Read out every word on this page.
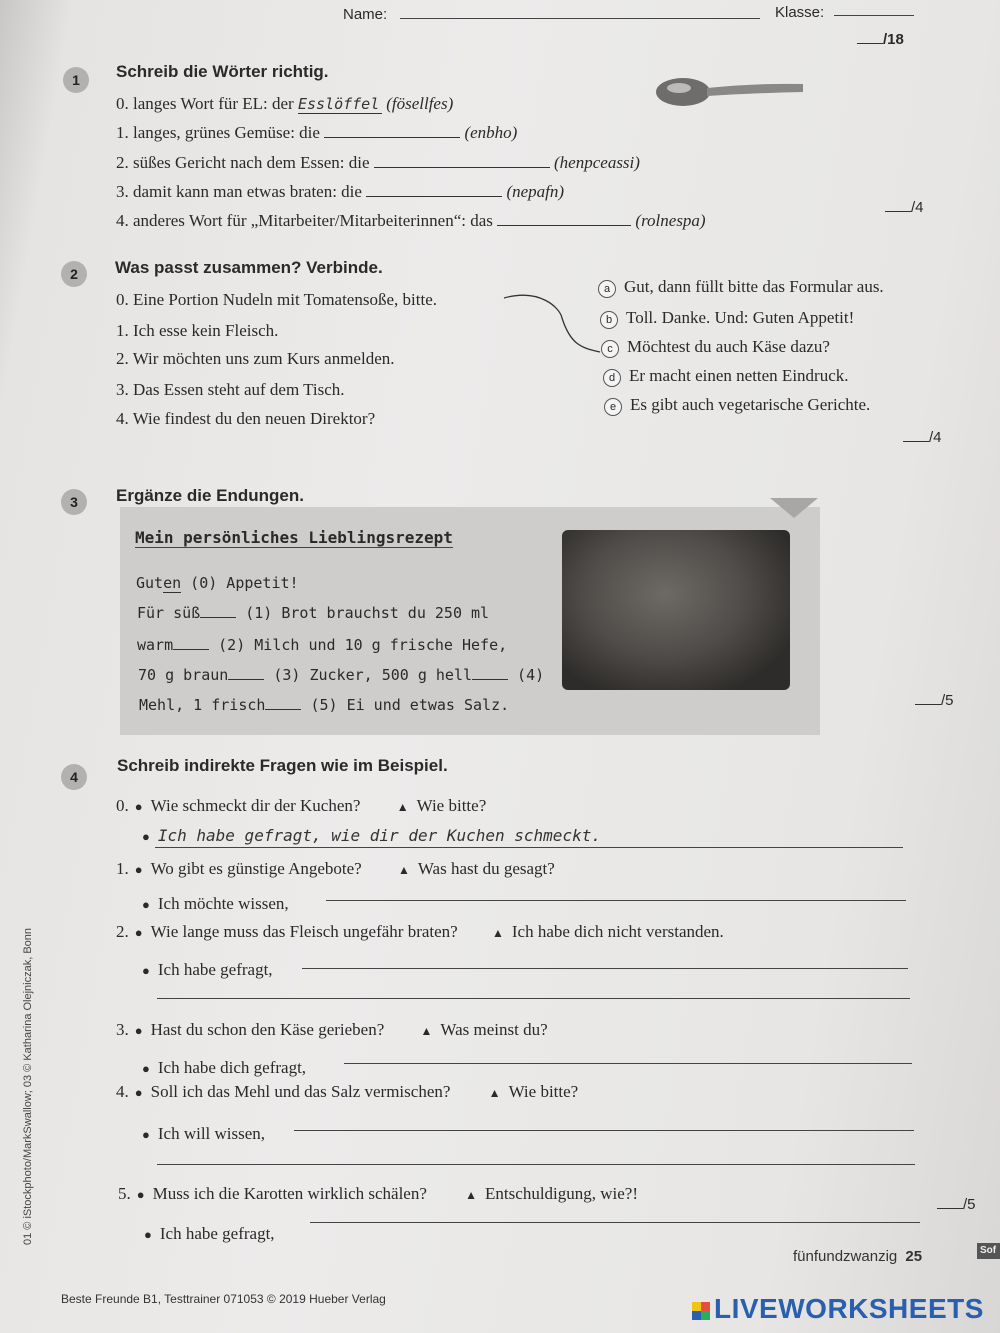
Name:	Klasse:
/18
1	Schreib die Wörter richtig.
0. langes Wort für EL: der Esslöffel (fösellfes)
1. langes, grünes Gemüse: die	(enbho)
2. süßes Gericht nach dem Essen: die	(henpceassi)
3. damit kann man etwas braten: die	(nepafn)
4. anderes Wort für „Mitarbeiter/Mitarbeiterinnen“: das	(rolnespa)
/4
2	Was passt zusammen? Verbinde.
0. Eine Portion Nudeln mit Tomatensoße, bitte.
1. Ich esse kein Fleisch.
2. Wir möchten uns zum Kurs anmelden.
3. Das Essen steht auf dem Tisch.
4. Wie findest du den neuen Direktor?
a Gut, dann füllt bitte das Formular aus.
b Toll. Danke. Und: Guten Appetit!
c Möchtest du auch Käse dazu?
d Er macht einen netten Eindruck.
e Es gibt auch vegetarische Gerichte.
/4
3	Ergänze die Endungen.
Mein persönliches Lieblingsrezept
Guten (0) Appetit!
Für süß (1) Brot brauchst du 250 ml
warm (2) Milch und 10 g frische Hefe,
70 g braun (3) Zucker, 500 g hell (4)
Mehl, 1 frisch (5) Ei und etwas Salz.	/5
4
Schreib indirekte Fragen wie im Beispiel.
0. ● Wie schmeckt dir der Kuchen?	▲ Wie bitte?
● Ich habe gefragt, wie dir der Kuchen schmeckt.
1. ● Wo gibt es günstige Angebote?	▲ Was hast du gesagt?
● Ich möchte wissen,
2. ● Wie lange muss das Fleisch ungefähr braten?	▲ Ich habe dich nicht verstanden.
● Ich habe gefragt,
3. ● Hast du schon den Käse gerieben?	▲ Was meinst du?
● Ich habe dich gefragt,
4. ● Soll ich das Mehl und das Salz vermischen?	▲ Wie bitte?
● Ich will wissen,
5. ● Muss ich die Karotten wirklich schälen?	▲ Entschuldigung, wie?!
● Ich habe gefragt,
/5
fünfundzwanzig 25	Sof
Beste Freunde B1, Testtrainer 071053 © 2019 Hueber Verlag
01 © iStockphoto/MarkSwallow; 03 © Katharina Olejniczak, Bonn
LIVEWORKSHEETS
